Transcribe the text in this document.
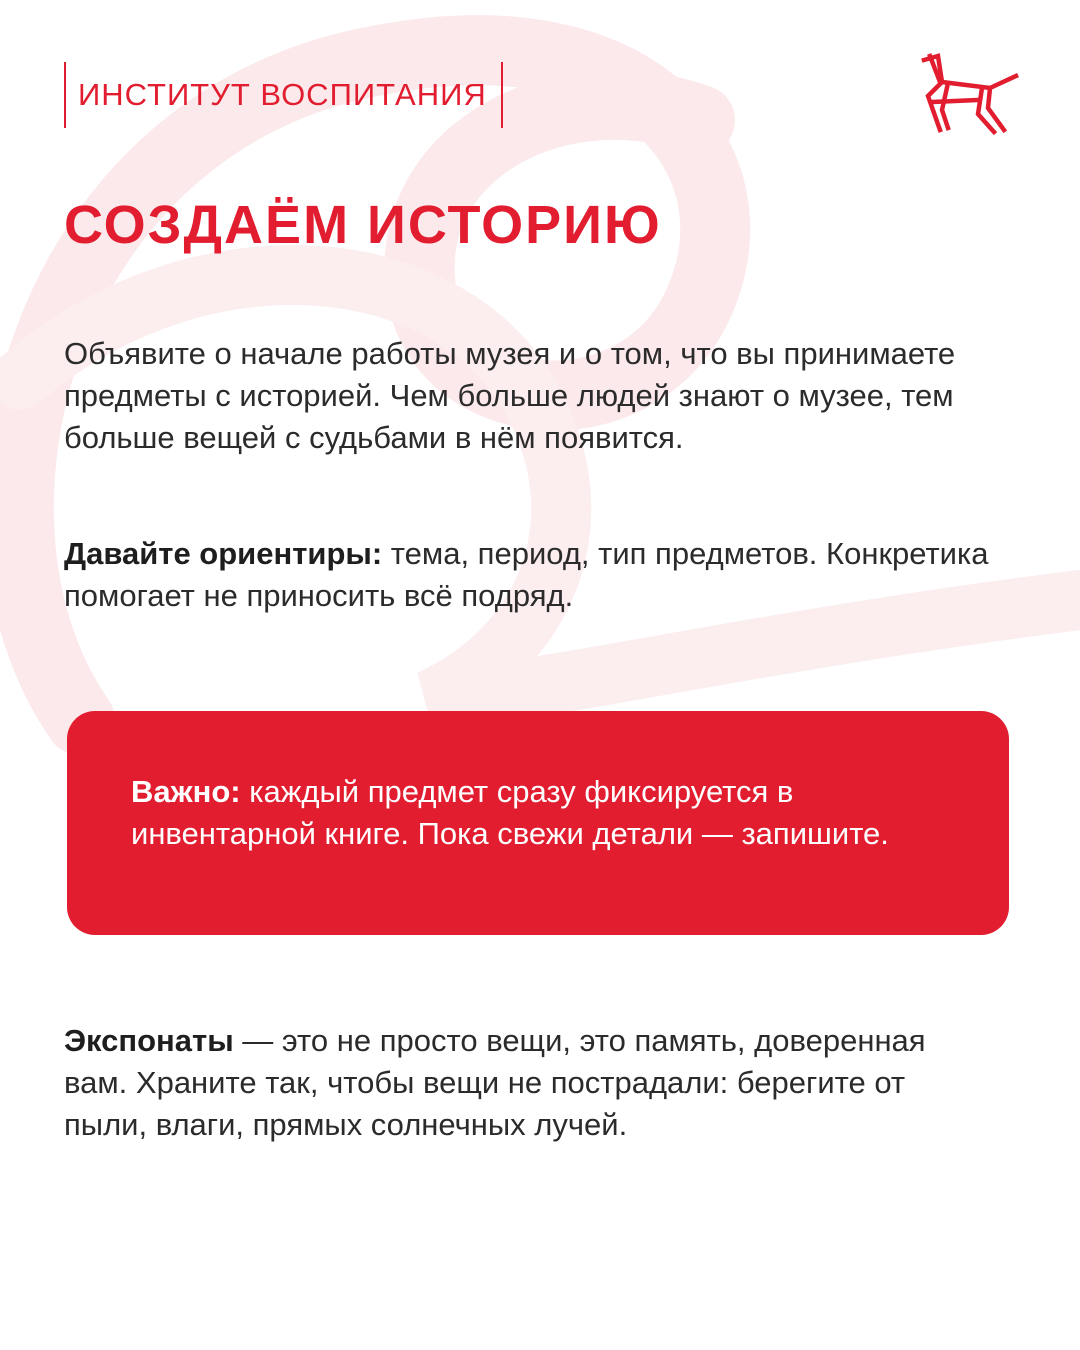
ИНСТИТУТ ВОСПИТАНИЯ
СОЗДАЁМ ИСТОРИЮ

Объявите о начале работы музея и о том, что вы принимаете предметы с историей. Чем больше людей знают о музее, тем больше вещей с судьбами в нём появится.

Давайте ориентиры: тема, период, тип предметов. Конкретика помогает не приносить всё подряд.

Важно: каждый предмет сразу фиксируется в инвентарной книге. Пока свежи детали — запишите.

Экспонаты — это не просто вещи, это память, доверенная вам. Храните так, чтобы вещи не пострадали: берегите от пыли, влаги, прямых солнечных лучей.
